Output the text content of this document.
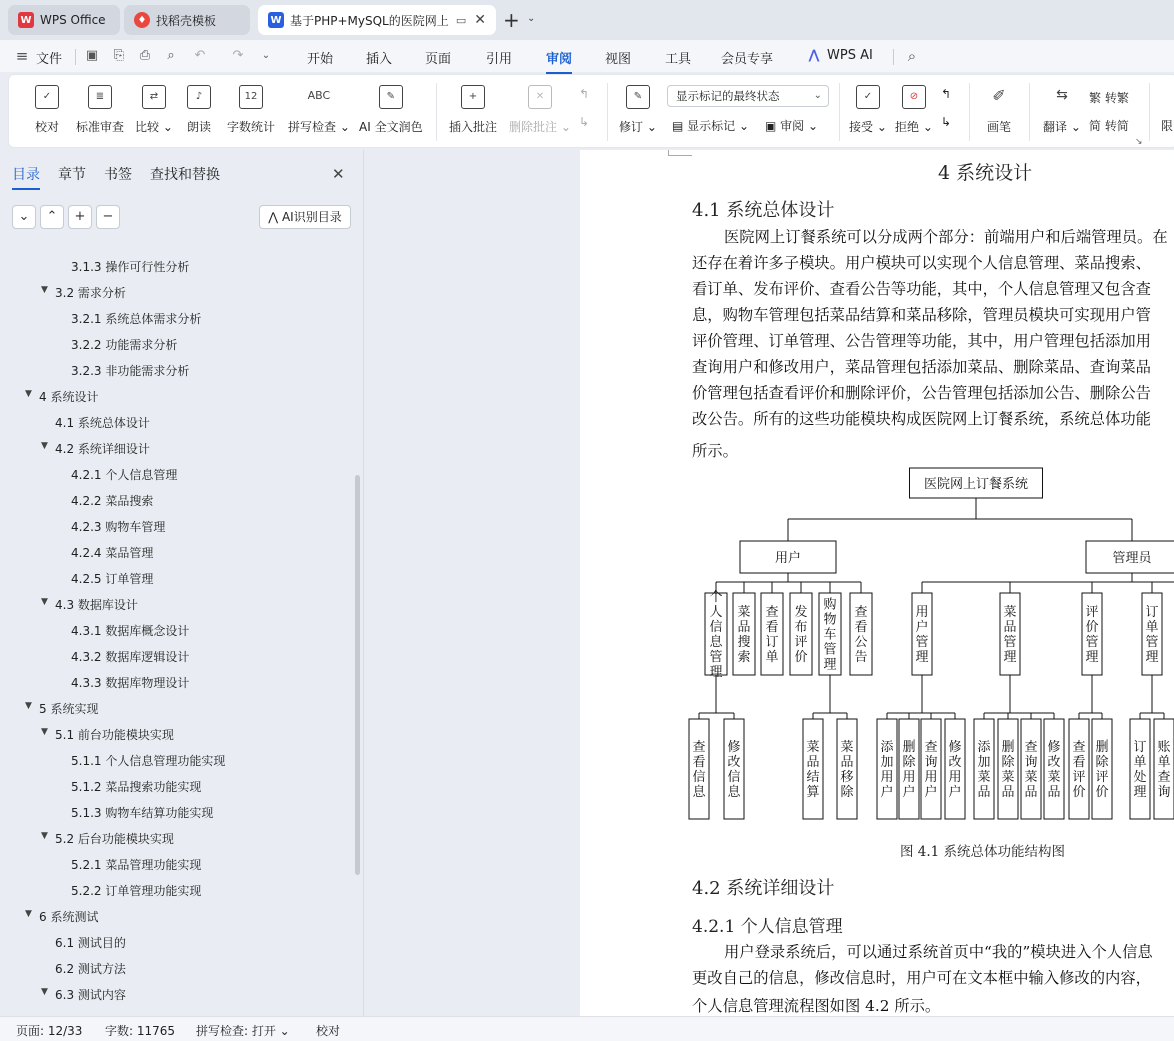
W WPS Office	♦ 找稻壳模板	W 基于PHP+MySQL的医院网上 ▭ ✕ + ⌄
≡ 文件 ▣ ⎘ ⎙	⌕	↶ ↷	⌄	开始	插入	页面	引用	审阅	视图	工具 会员专享	⋀ WPS AI ⌕
✓
校对
≣
标准审查
⇄
比较 ⌄
♪
朗读
12
字数统计
ABC
拼写检查 ⌄
✎
AI 全文润色
+
插入批注
✕
删除批注 ⌄
↰
↳
✎
修订 ⌄
显示标记的最终状态	⌄
▤ 显示标记 ⌄ ▣ 审阅 ⌄
✓
接受 ⌄
⊘
拒绝 ⌄
↰
↳
✐
画笔
⇆
翻译 ⌄
繁 转繁
简 转简
↘
限
目录 章节 书签 查找和替换	✕
⌄	⌃	+	−	⋀ AI识别目录
3.1.3 操作可行性分析
▼ 3.2 需求分析
3.2.1 系统总体需求分析
3.2.2 功能需求分析
3.2.3 非功能需求分析
▼ 4 系统设计
4.1 系统总体设计
▼ 4.2 系统详细设计
4.2.1 个人信息管理
4.2.2 菜品搜索
4.2.3 购物车管理
4.2.4 菜品管理
4.2.5 订单管理
▼ 4.3 数据库设计
4.3.1 数据库概念设计
4.3.2 数据库逻辑设计
4.3.3 数据库物理设计
▼ 5 系统实现
▼ 5.1 前台功能模块实现
5.1.1 个人信息管理功能实现
5.1.2 菜品搜索功能实现
5.1.3 购物车结算功能实现
▼ 5.2 后台功能模块实现
5.2.1 菜品管理功能实现
5.2.2 订单管理功能实现
▼ 6 系统测试
6.1 测试目的
6.2 测试方法
▼ 6.3 测试内容
4 系统设计
4.1 系统总体设计
医院网上订餐系统可以分成两个部分：前端用户和后端管理员。在
还存在着许多子模块。用户模块可以实现个人信息管理、菜品搜索、
看订单、发布评价、查看公告等功能，其中，个人信息管理又包含查
息，购物车管理包括菜品结算和菜品移除，管理员模块可实现用户管
评价管理、订单管理、公告管理等功能，其中，用户管理包括添加用
查询用户和修改用户，菜品管理包括添加菜品、删除菜品、查询菜品
价管理包括查看评价和删除评价，公告管理包括添加公告、删除公告
改公告。所有的这些功能模块构成医院网上订餐系统，系统总体功能
所示。
医院网上订餐系统
用户	管理员
个人信息管理
菜品搜索
查看订单
发布评价
购物车管理
查看公告
用户管理
菜品管理
评价管理
订单管理
查看信息
修改信息
菜品结算
菜品移除
添加用户
删除用户
查询用户
修改用户
添加菜品
删除菜品
查询菜品
修改菜品
查看评价
删除评价
订单处理
账单查询
图 4.1 系统总体功能结构图
4.2 系统详细设计
4.2.1 个人信息管理
用户登录系统后，可以通过系统首页中“我的”模块进入个人信息
更改自己的信息，修改信息时，用户可在文本框中输入修改的内容，
个人信息管理流程图如图 4.2 所示。
页面: 12/33 字数: 11765 拼写检查: 打开 ⌄ 校对
